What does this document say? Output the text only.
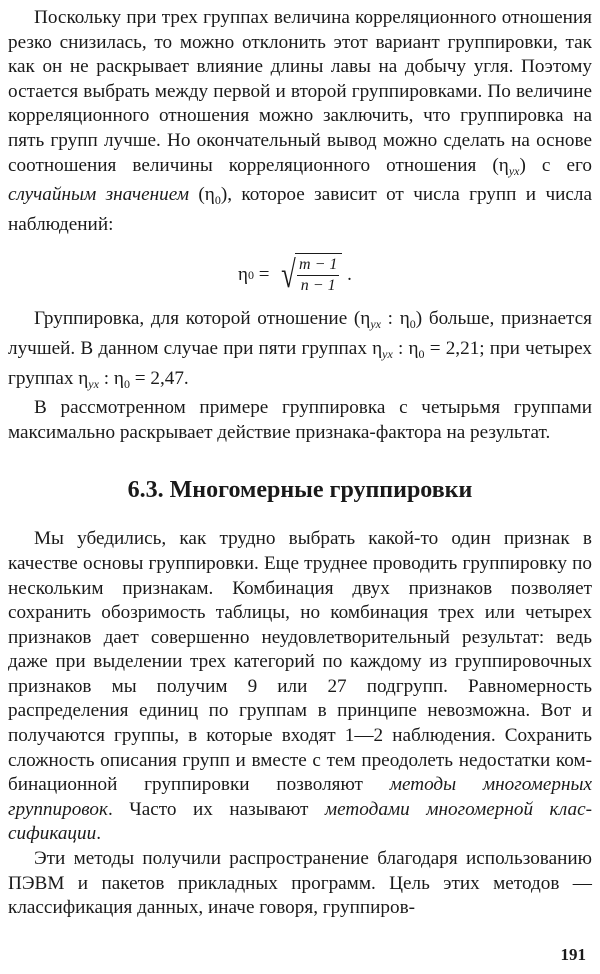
Поскольку при трех группах величина корреляционного отношения резко снизилась, то можно отклонить этот вариант группировки, так как он не раскрывает влияние длины лавы на добычу угля. Поэтому остается выбрать между первой и второй группировками. По величине корреляционного отношения можно заключить, что группировка на пять групп лучше. Но окончательный вывод можно сделать на основе соотношения величины корреляционного отношения $(\eta_{yx})$ с его случайным значением $(\eta_0)$, которое зависит от числа групп и числа наблюдений:

η 0 = √ $\frac{m - 1}{n - 1}$ .

Группировка, для которой отношение ($\eta_{yx}$ : $\eta_0$) больше, признается лучшей. В данном случае при пяти группах $\eta_{yx}$ : $\eta_0 = 2,21$; при четырех группах $\eta_{yx}$ : $\eta_0 = 2,47$.

В рассмотренном примере группировка с четырьмя группами максимально раскрывает действие признака-фактора на результат.

6.3. Многомерные группировки

Мы убедились, как трудно выбрать какой-то один признак в качестве основы группировки. Еще труднее проводить группировку по нескольким признакам. Комбинация двух признаков позволяет сохранить обозримость таблицы, но комбинация трех или четырех признаков дает совершенно неудовлетворительный результат: ведь даже при выделении трех категорий по каждому из группировочных признаков мы получим 9 или 27 подгрупп. Равномерность распределения единиц по группам в принципе невозможна. Вот и получаются группы, в которые входят 1—2 наблюдения. Сохранить сложность описания групп и вместе с тем преодолеть недостатки комбинационной группировки позволяют методы многомерных группировок. Часто их называют методами многомерной классификации.

Эти методы получили распространение благодаря использованию ПЭВМ и пакетов прикладных программ. Цель этих методов — классификация данных, иначе говоря, группиров-

191
